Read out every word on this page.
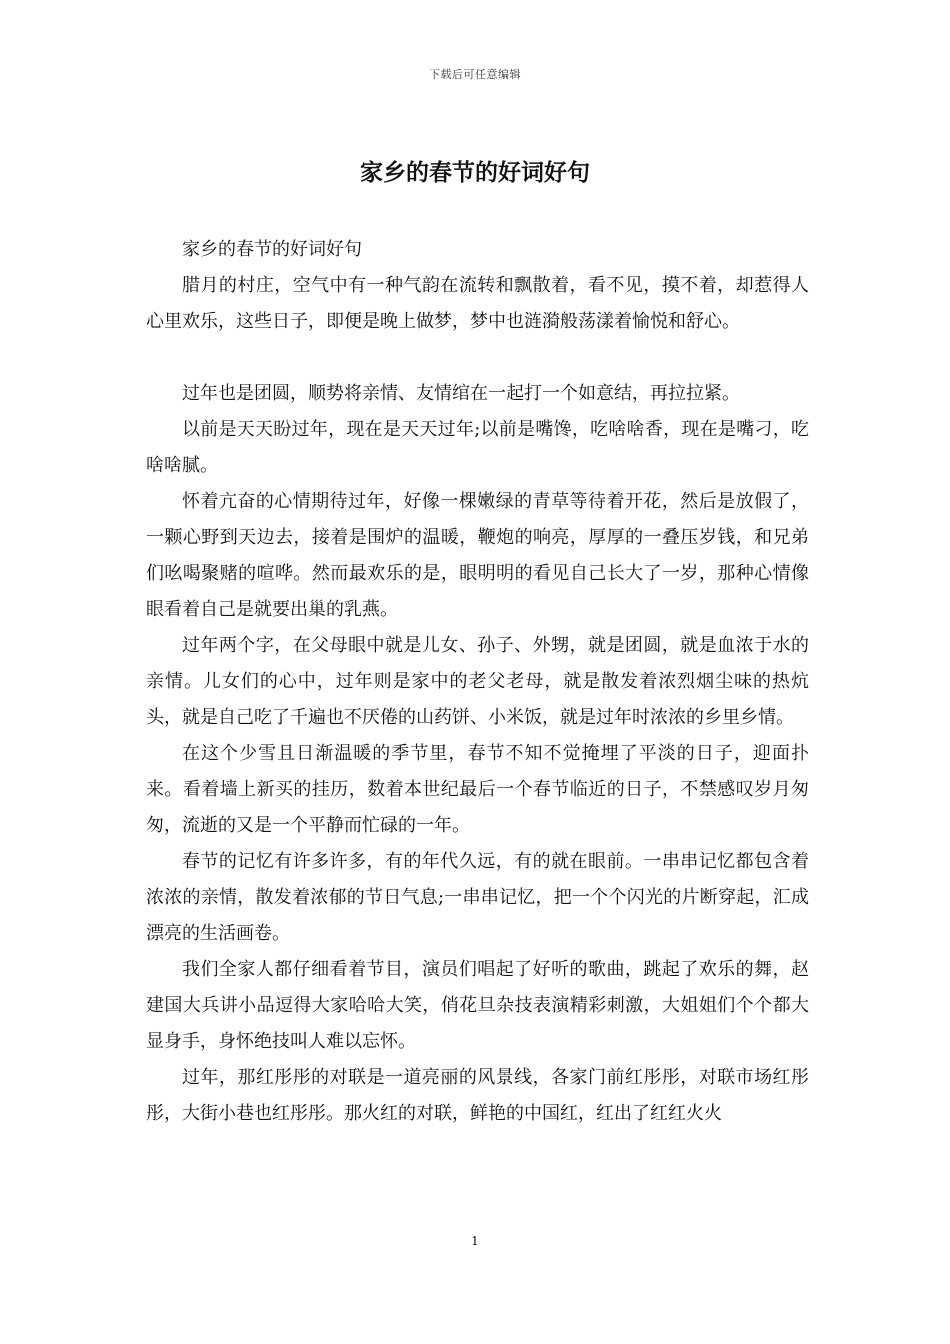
下载后可任意编辑
家乡的春节的好词好句

家乡的春节的好词好句

腊月的村庄，空气中有一种气韵在流转和飘散着，看不见，摸不着，却惹得人心里欢乐，这些日子，即便是晚上做梦，梦中也涟漪般荡漾着愉悦和舒心。

过年也是团圆，顺势将亲情、友情绾在一起打一个如意结，再拉拉紧。

以前是天天盼过年，现在是天天过年;以前是嘴馋，吃啥啥香，现在是嘴刁，吃啥啥腻。

怀着亢奋的心情期待过年，好像一棵嫩绿的青草等待着开花，然后是放假了，一颗心野到天边去，接着是围炉的温暖，鞭炮的响亮，厚厚的一叠压岁钱，和兄弟们吆喝聚赌的喧哗。然而最欢乐的是，眼明明的看见自己长大了一岁，那种心情像眼看着自己是就要出巢的乳燕。

过年两个字，在父母眼中就是儿女、孙子、外甥，就是团圆，就是血浓于水的亲情。儿女们的心中，过年则是家中的老父老母，就是散发着浓烈烟尘味的热炕头，就是自己吃了千遍也不厌倦的山药饼、小米饭，就是过年时浓浓的乡里乡情。

在这个少雪且日渐温暖的季节里，春节不知不觉掩埋了平淡的日子，迎面扑来。看着墙上新买的挂历，数着本世纪最后一个春节临近的日子，不禁感叹岁月匆匆，流逝的又是一个平静而忙碌的一年。

春节的记忆有许多许多，有的年代久远，有的就在眼前。一串串记忆都包含着浓浓的亲情，散发着浓郁的节日气息;一串串记忆，把一个个闪光的片断穿起，汇成漂亮的生活画卷。

我们全家人都仔细看着节目，演员们唱起了好听的歌曲，跳起了欢乐的舞，赵建国大兵讲小品逗得大家哈哈大笑，俏花旦杂技表演精彩刺激，大姐姐们个个都大显身手，身怀绝技叫人难以忘怀。

过年，那红彤彤的对联是一道亮丽的风景线，各家门前红彤彤，对联市场红彤彤，大街小巷也红彤彤。那火红的对联，鲜艳的中国红，红出了红红火火

1
